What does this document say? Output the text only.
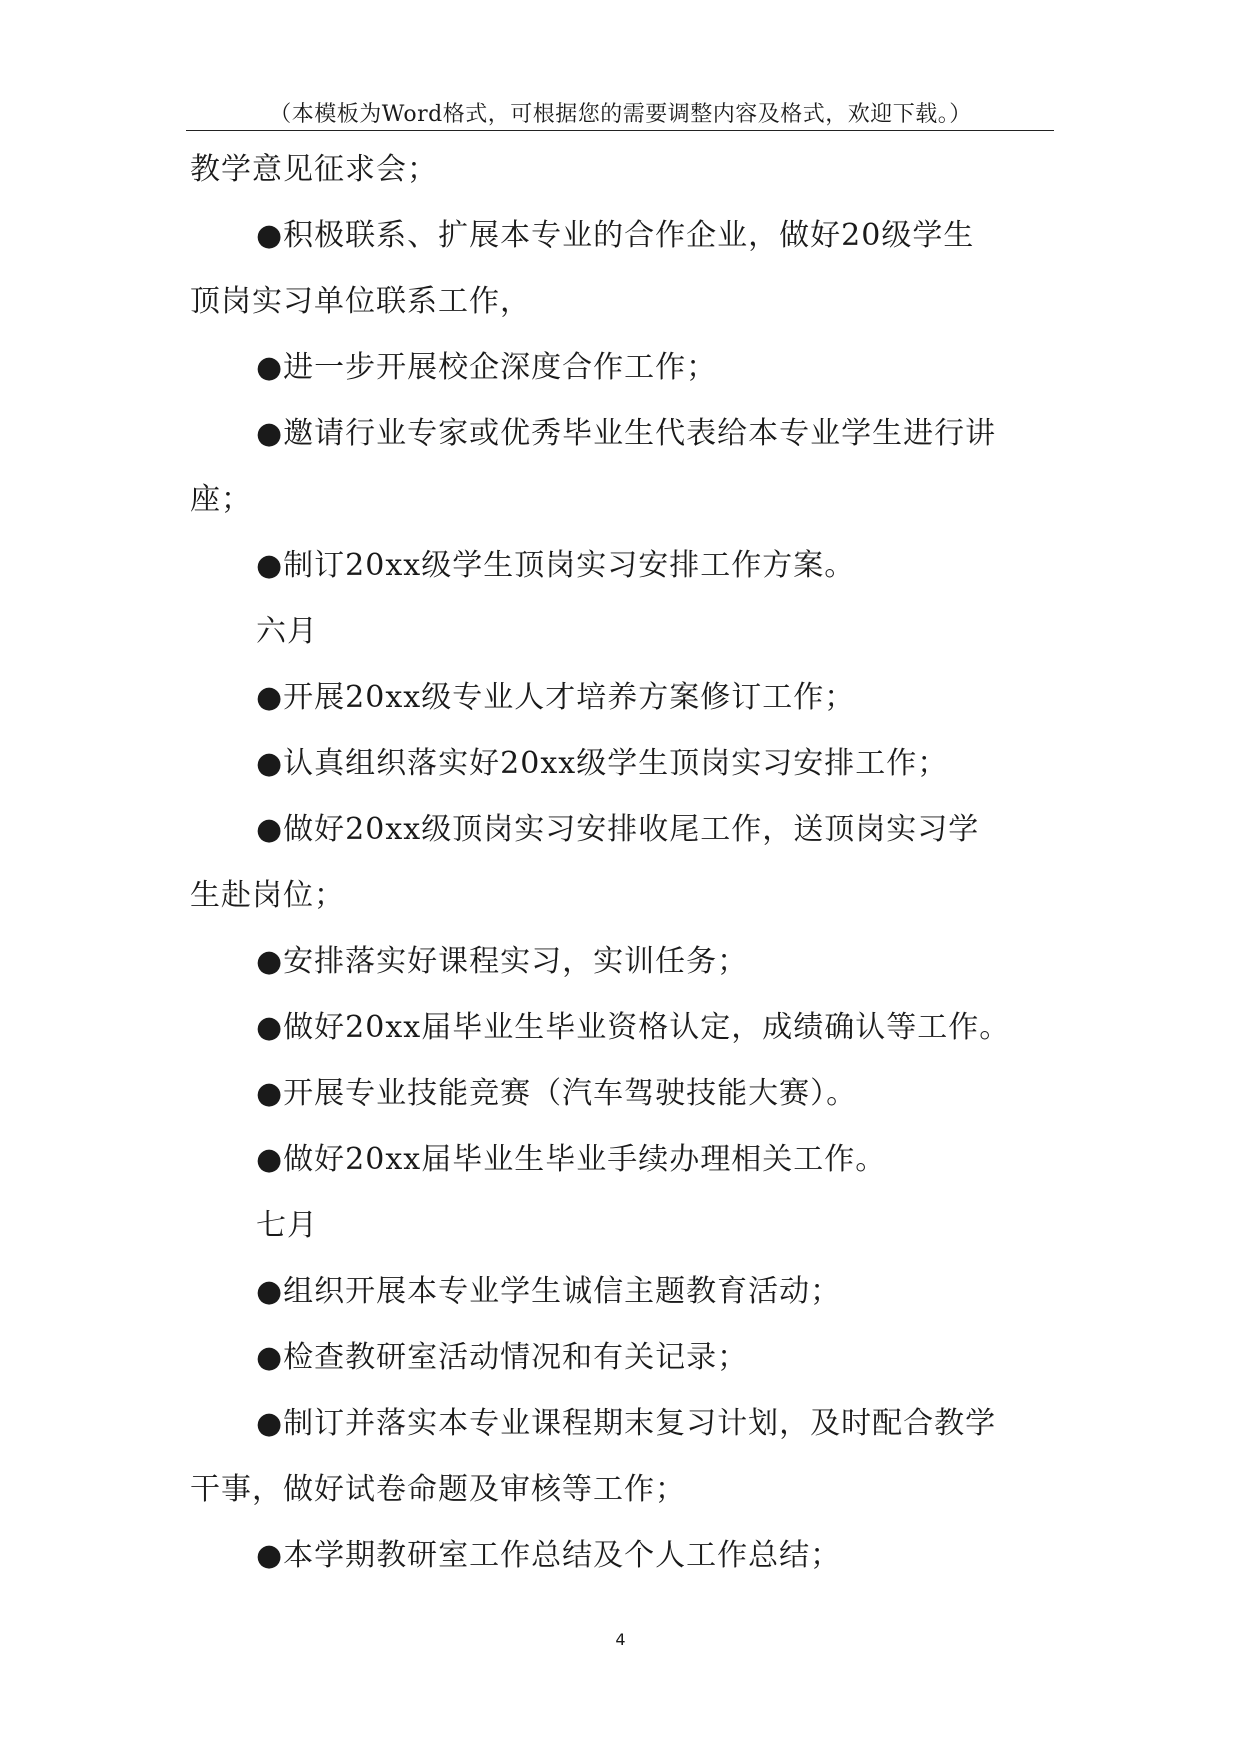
（本模板为Word格式，可根据您的需要调整内容及格式，欢迎下载。）
教学意见征求会；
●积极联系、扩展本专业的合作企业，做好20级学生
顶岗实习单位联系工作，
●进一步开展校企深度合作工作；
●邀请行业专家或优秀毕业生代表给本专业学生进行讲
座；
●制订20xx级学生顶岗实习安排工作方案。
六月
●开展20xx级专业人才培养方案修订工作；
●认真组织落实好20xx级学生顶岗实习安排工作；
●做好20xx级顶岗实习安排收尾工作，送顶岗实习学
生赴岗位；
●安排落实好课程实习，实训任务；
●做好20xx届毕业生毕业资格认定，成绩确认等工作。
●开展专业技能竞赛（汽车驾驶技能大赛）。
●做好20xx届毕业生毕业手续办理相关工作。
七月
●组织开展本专业学生诚信主题教育活动；
●检查教研室活动情况和有关记录；
●制订并落实本专业课程期末复习计划，及时配合教学
干事，做好试卷命题及审核等工作；
●本学期教研室工作总结及个人工作总结；
4
